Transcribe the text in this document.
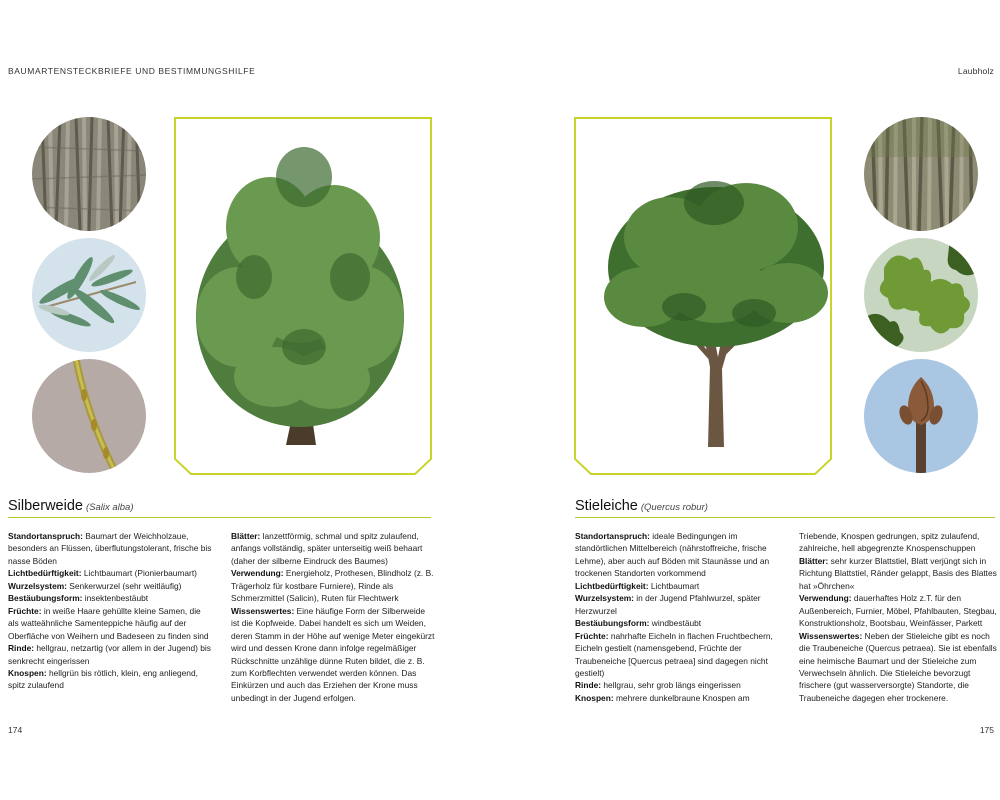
BAUMARTENSTECKBRIEFE UND BESTIMMUNGSHILFE	Laubholz
Silberweide (Salix alba)

Standortanspruch: Baumart der Weichholzaue, besonders an Flüssen, überflutungstolerant, frische bis nasse Böden

Lichtbedürftigkeit: Lichtbaumart (Pionierbaumart)

Wurzelsystem: Senkerwurzel (sehr weitläufig)

Bestäubungsform: insektenbestäubt

Früchte: in weiße Haare gehüllte kleine Samen, die als watteähnliche Samenteppiche häufig auf der Oberfläche von Weihern und Badeseen zu finden sind

Rinde: hellgrau, netzartig (vor allem in der Jugend) bis senkrecht eingerissen

Knospen: hellgrün bis rötlich, klein, eng anliegend, spitz zulaufend

Blätter: lanzettförmig, schmal und spitz zulaufend, anfangs vollständig, später unterseitig weiß behaart (daher der silberne Eindruck des Baumes)

Verwendung: Energieholz, Prothesen, Blindholz (z. B. Trägerholz für kostbare Furniere), Rinde als Schmerzmittel (Salicin), Ruten für Flechtwerk

Wissenswertes: Eine häufige Form der Silberweide ist die Kopfweide. Dabei handelt es sich um Weiden, deren Stamm in der Höhe auf wenige Meter eingekürzt wird und dessen Krone dann infolge regelmäßiger Rückschnitte unzählige dünne Ruten bildet, die z. B. zum Korbflechten verwendet werden können. Das Einkürzen und auch das Erziehen der Krone muss unbedingt in der Jugend erfolgen.

174
Stieleiche (Quercus robur)

Standortanspruch: ideale Bedingungen im standörtlichen Mittelbereich (nährstoffreiche, frische Lehme), aber auch auf Böden mit Staunässe und an trockenen Standorten vorkommend

Lichtbedürftigkeit: Lichtbaumart

Wurzelsystem: in der Jugend Pfahlwurzel, später Herzwurzel

Bestäubungsform: windbestäubt

Früchte: nahrhafte Eicheln in flachen Fruchtbechern, Eicheln gestielt (namensgebend, Früchte der Traubeneiche [Quercus petraea] sind dagegen nicht gestielt)

Rinde: hellgrau, sehr grob längs eingerissen

Knospen: mehrere dunkelbraune Knospen am

Triebende, Knospen gedrungen, spitz zulaufend, zahlreiche, hell abgegrenzte Knospenschuppen

Blätter: sehr kurzer Blattstiel, Blatt verjüngt sich in Richtung Blattstiel, Ränder gelappt, Basis des Blattes hat »Öhrchen«

Verwendung: dauerhaftes Holz z.T. für den Außenbereich, Furnier, Möbel, Pfahlbauten, Stegbau, Konstruktionsholz, Bootsbau, Weinfässer, Parkett

Wissenswertes: Neben der Stieleiche gibt es noch die Traubeneiche (Quercus petraea). Sie ist ebenfalls eine heimische Baumart und der Stieleiche zum Verwechseln ähnlich. Die Stieleiche bevorzugt frischere (gut wasserversorgte) Standorte, die Traubeneiche dagegen eher trockenere.

175
